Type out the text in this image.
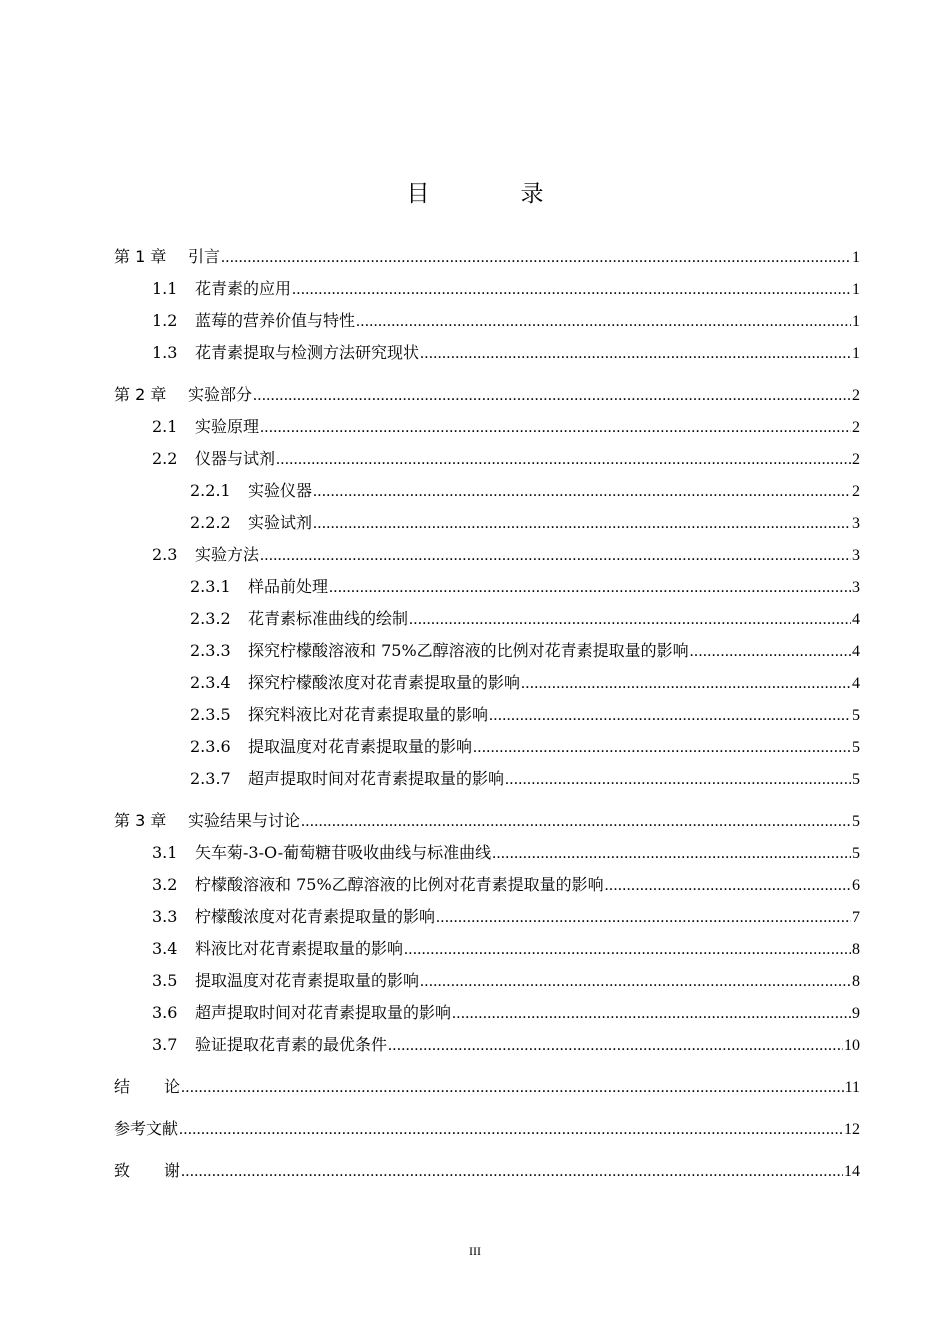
目　录
第 1 章	引言 .....	1
1.1	花青素的应用 .....	1
1.2	蓝莓的营养价值与特性 .....	1
1.3	花青素提取与检测方法研究现状 .....	1
第 2 章	实验部分 .....	2
2.1	实验原理 .....	2
2.2	仪器与试剂 .....	2
2.2.1	实验仪器 .....	2
2.2.2	实验试剂 .....	3
2.3	实验方法 .....	3
2.3.1	样品前处理 .....	3
2.3.2	花青素标准曲线的绘制 .....	4
2.3.3	探究柠檬酸溶液和 75%乙醇溶液的比例对花青素提取量的影响 .....	4
2.3.4	探究柠檬酸浓度对花青素提取量的影响 .....	4
2.3.5	探究料液比对花青素提取量的影响 .....	5
2.3.6	提取温度对花青素提取量的影响 .....	5
2.3.7	超声提取时间对花青素提取量的影响 .....	5
第 3 章	实验结果与讨论 .....	5
3.1	矢车菊-3-O-葡萄糖苷吸收曲线与标准曲线 .....	5
3.2	柠檬酸溶液和 75%乙醇溶液的比例对花青素提取量的影响 .....	6
3.3	柠檬酸浓度对花青素提取量的影响 .....	7
3.4	料液比对花青素提取量的影响 .....	8
3.5	提取温度对花青素提取量的影响 .....	8
3.6	超声提取时间对花青素提取量的影响 .....	9
3.7	验证提取花青素的最优条件 .....	10
结论 .....	11
参考文献 .....	12
致谢 .....	14
III
